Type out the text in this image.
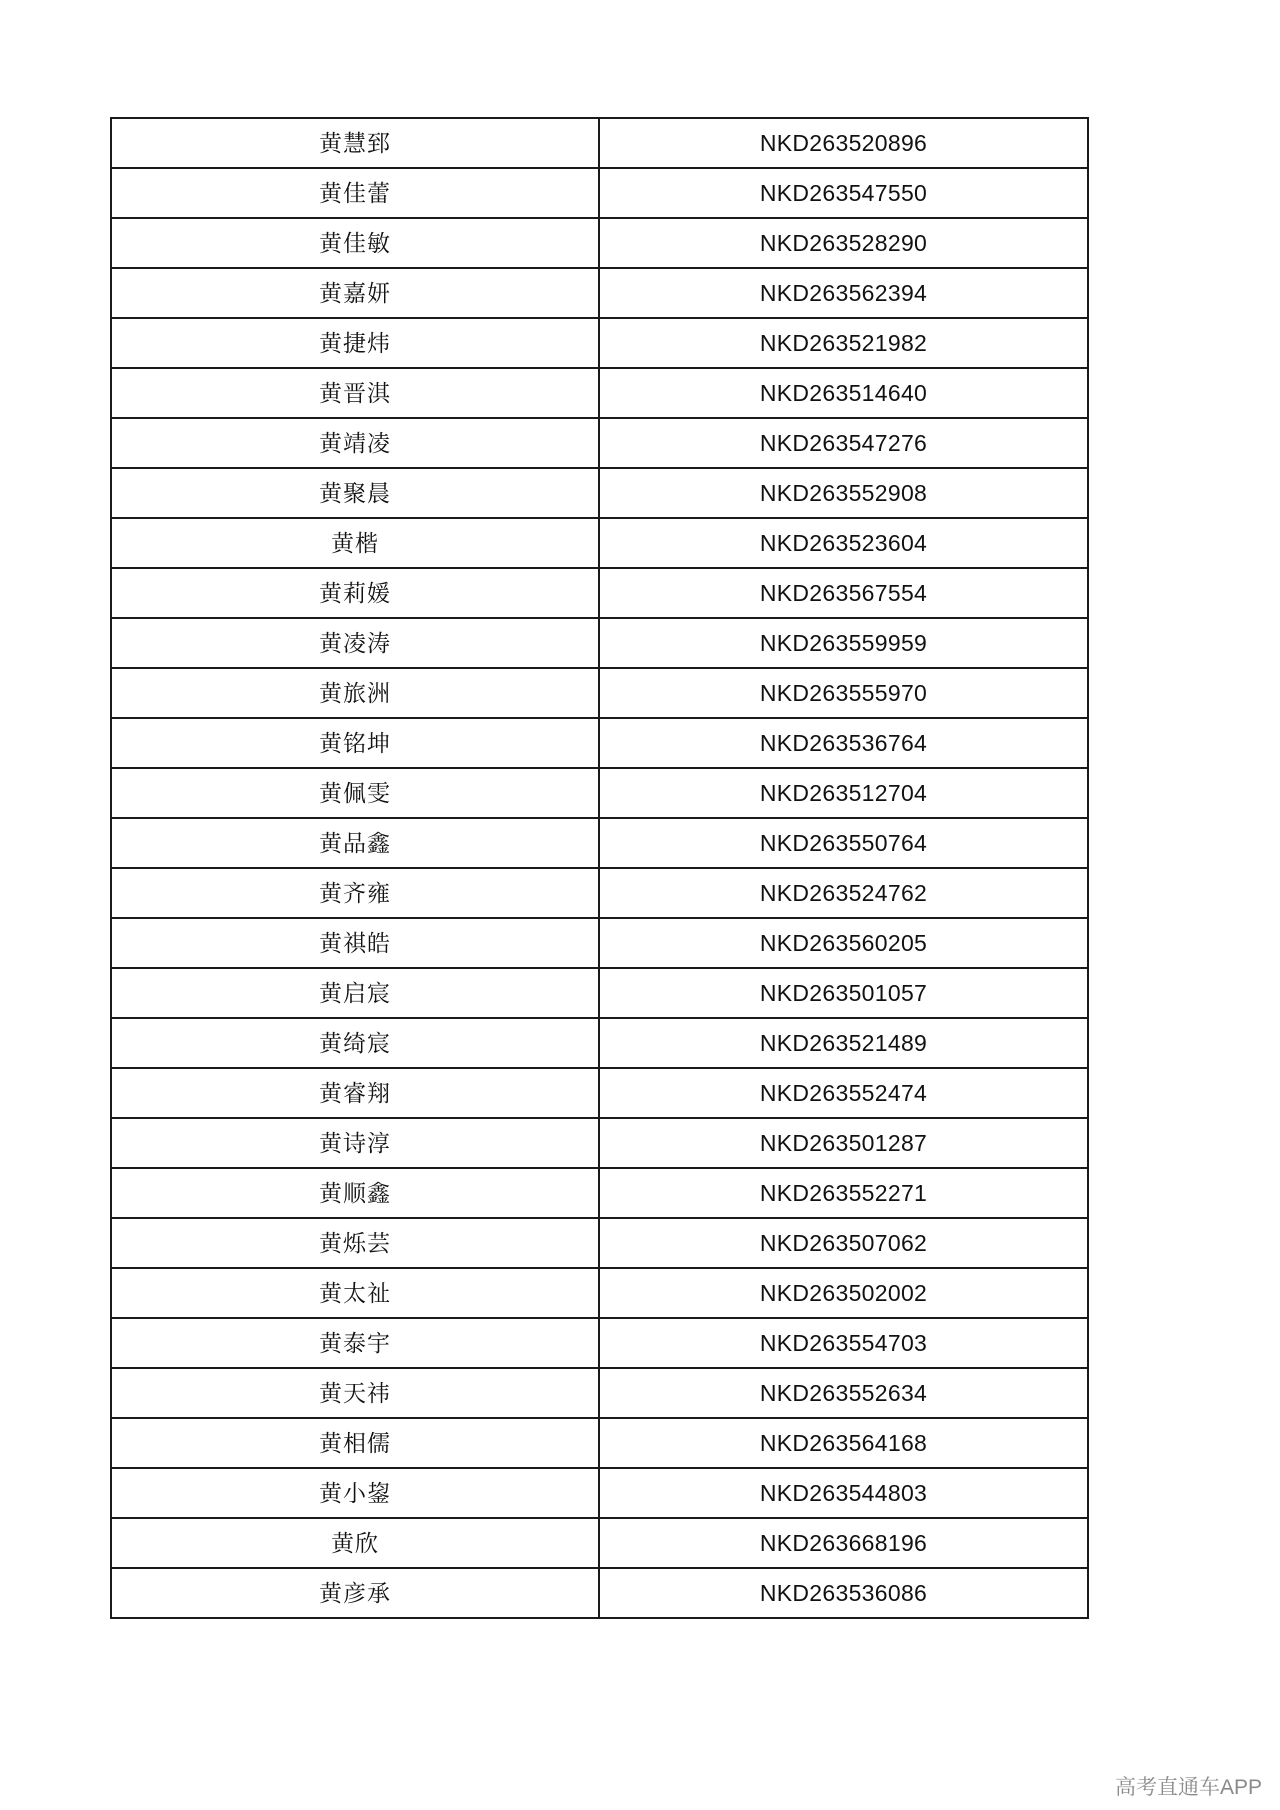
黄慧郅	NKD263520896
黄佳蕾	NKD263547550
黄佳敏	NKD263528290
黄嘉妍	NKD263562394
黄捷炜	NKD263521982
黄晋淇	NKD263514640
黄靖凌	NKD263547276
黄聚晨	NKD263552908
黄楷	NKD263523604
黄莉媛	NKD263567554
黄凌涛	NKD263559959
黄旅洲	NKD263555970
黄铭坤	NKD263536764
黄佩雯	NKD263512704
黄品鑫	NKD263550764
黄齐雍	NKD263524762
黄祺皓	NKD263560205
黄启宸	NKD263501057
黄绮宸	NKD263521489
黄睿翔	NKD263552474
黄诗淳	NKD263501287
黄顺鑫	NKD263552271
黄烁芸	NKD263507062
黄太祉	NKD263502002
黄泰宇	NKD263554703
黄天祎	NKD263552634
黄相儒	NKD263564168
黄小鋆	NKD263544803
黄欣	NKD263668196
黄彦承	NKD263536086
高考直通车APP
